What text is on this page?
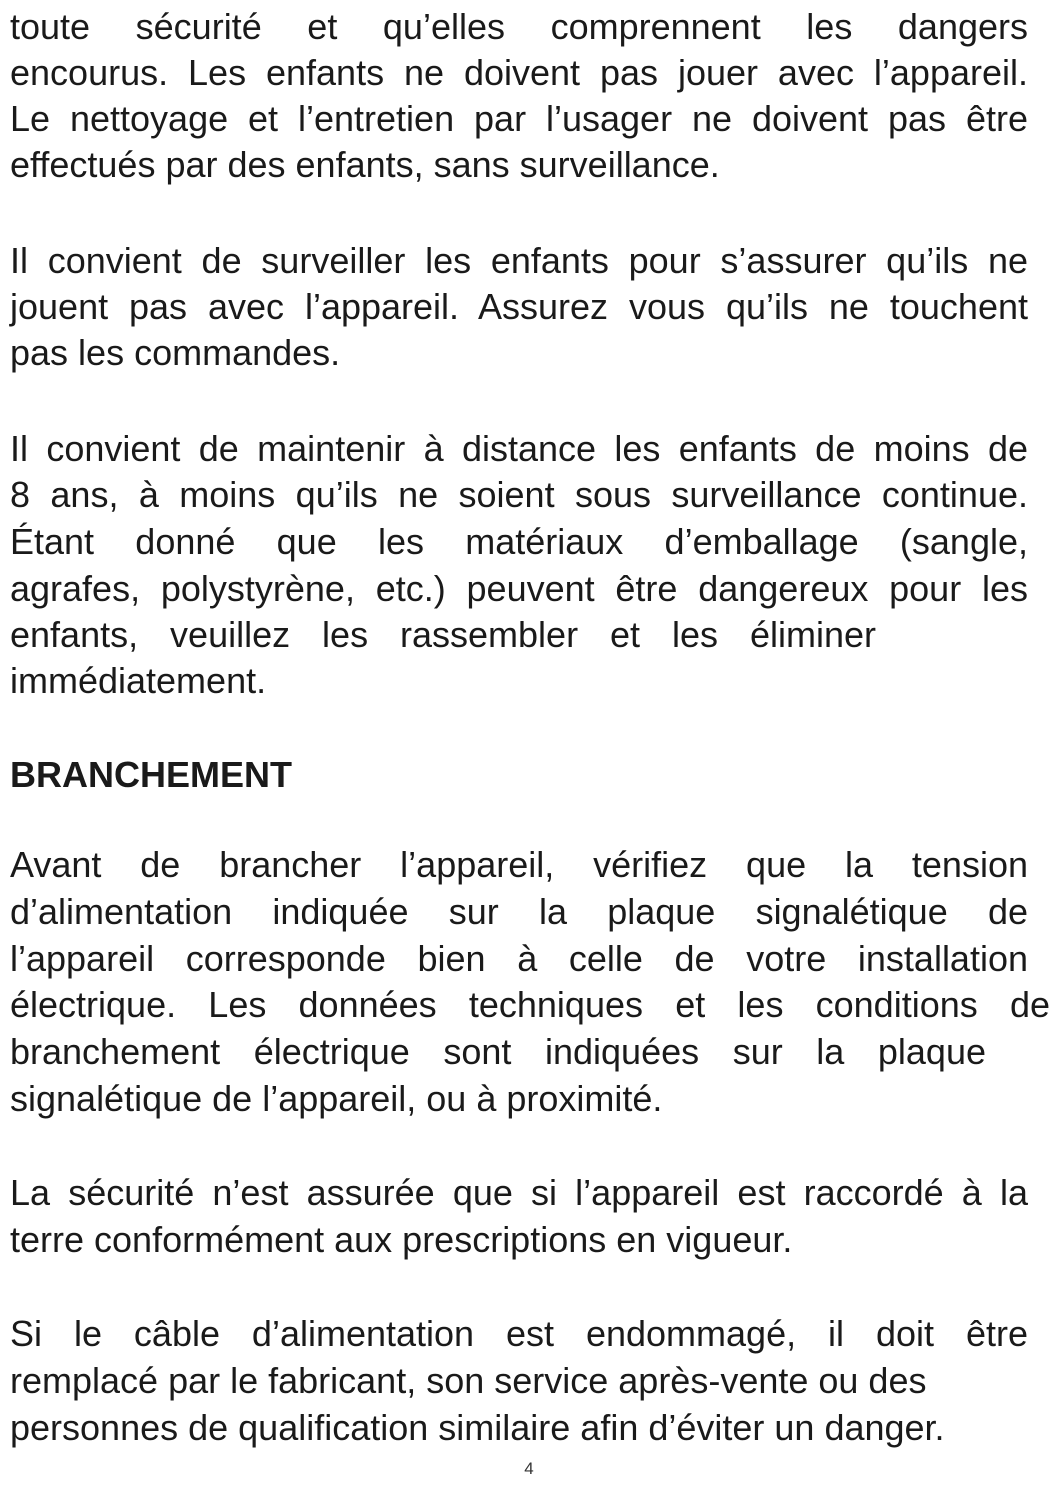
toute sécurité et qu’elles comprennent les dangers
encourus. Les enfants ne doivent pas jouer avec l’appareil.
Le nettoyage et l’entretien par l’usager ne doivent pas être
effectués par des enfants, sans surveillance.
Il convient de surveiller les enfants pour s’assurer qu’ils ne
jouent pas avec l’appareil. Assurez vous qu’ils ne touchent
pas les commandes.
Il convient de maintenir à distance les enfants de moins de
8 ans, à moins qu’ils ne soient sous surveillance continue.
Étant donné que les matériaux d’emballage (sangle,
agrafes, polystyrène, etc.) peuvent être dangereux pour les
enfants, veuillez les rassembler et les éliminer
immédiatement.
BRANCHEMENT
Avant de brancher l’appareil, vérifiez que la tension
d’alimentation indiquée sur la plaque signalétique de
l’appareil corresponde bien à celle de votre installation
électrique. Les données techniques et les conditions de
branchement électrique sont indiquées sur la plaque
signalétique de l’appareil, ou à proximité.
La sécurité n’est assurée que si l’appareil est raccordé à la
terre conformément aux prescriptions en vigueur.
Si le câble d’alimentation est endommagé, il doit être
remplacé par le fabricant, son service après-vente ou des
personnes de qualification similaire afin d’éviter un danger.
4
